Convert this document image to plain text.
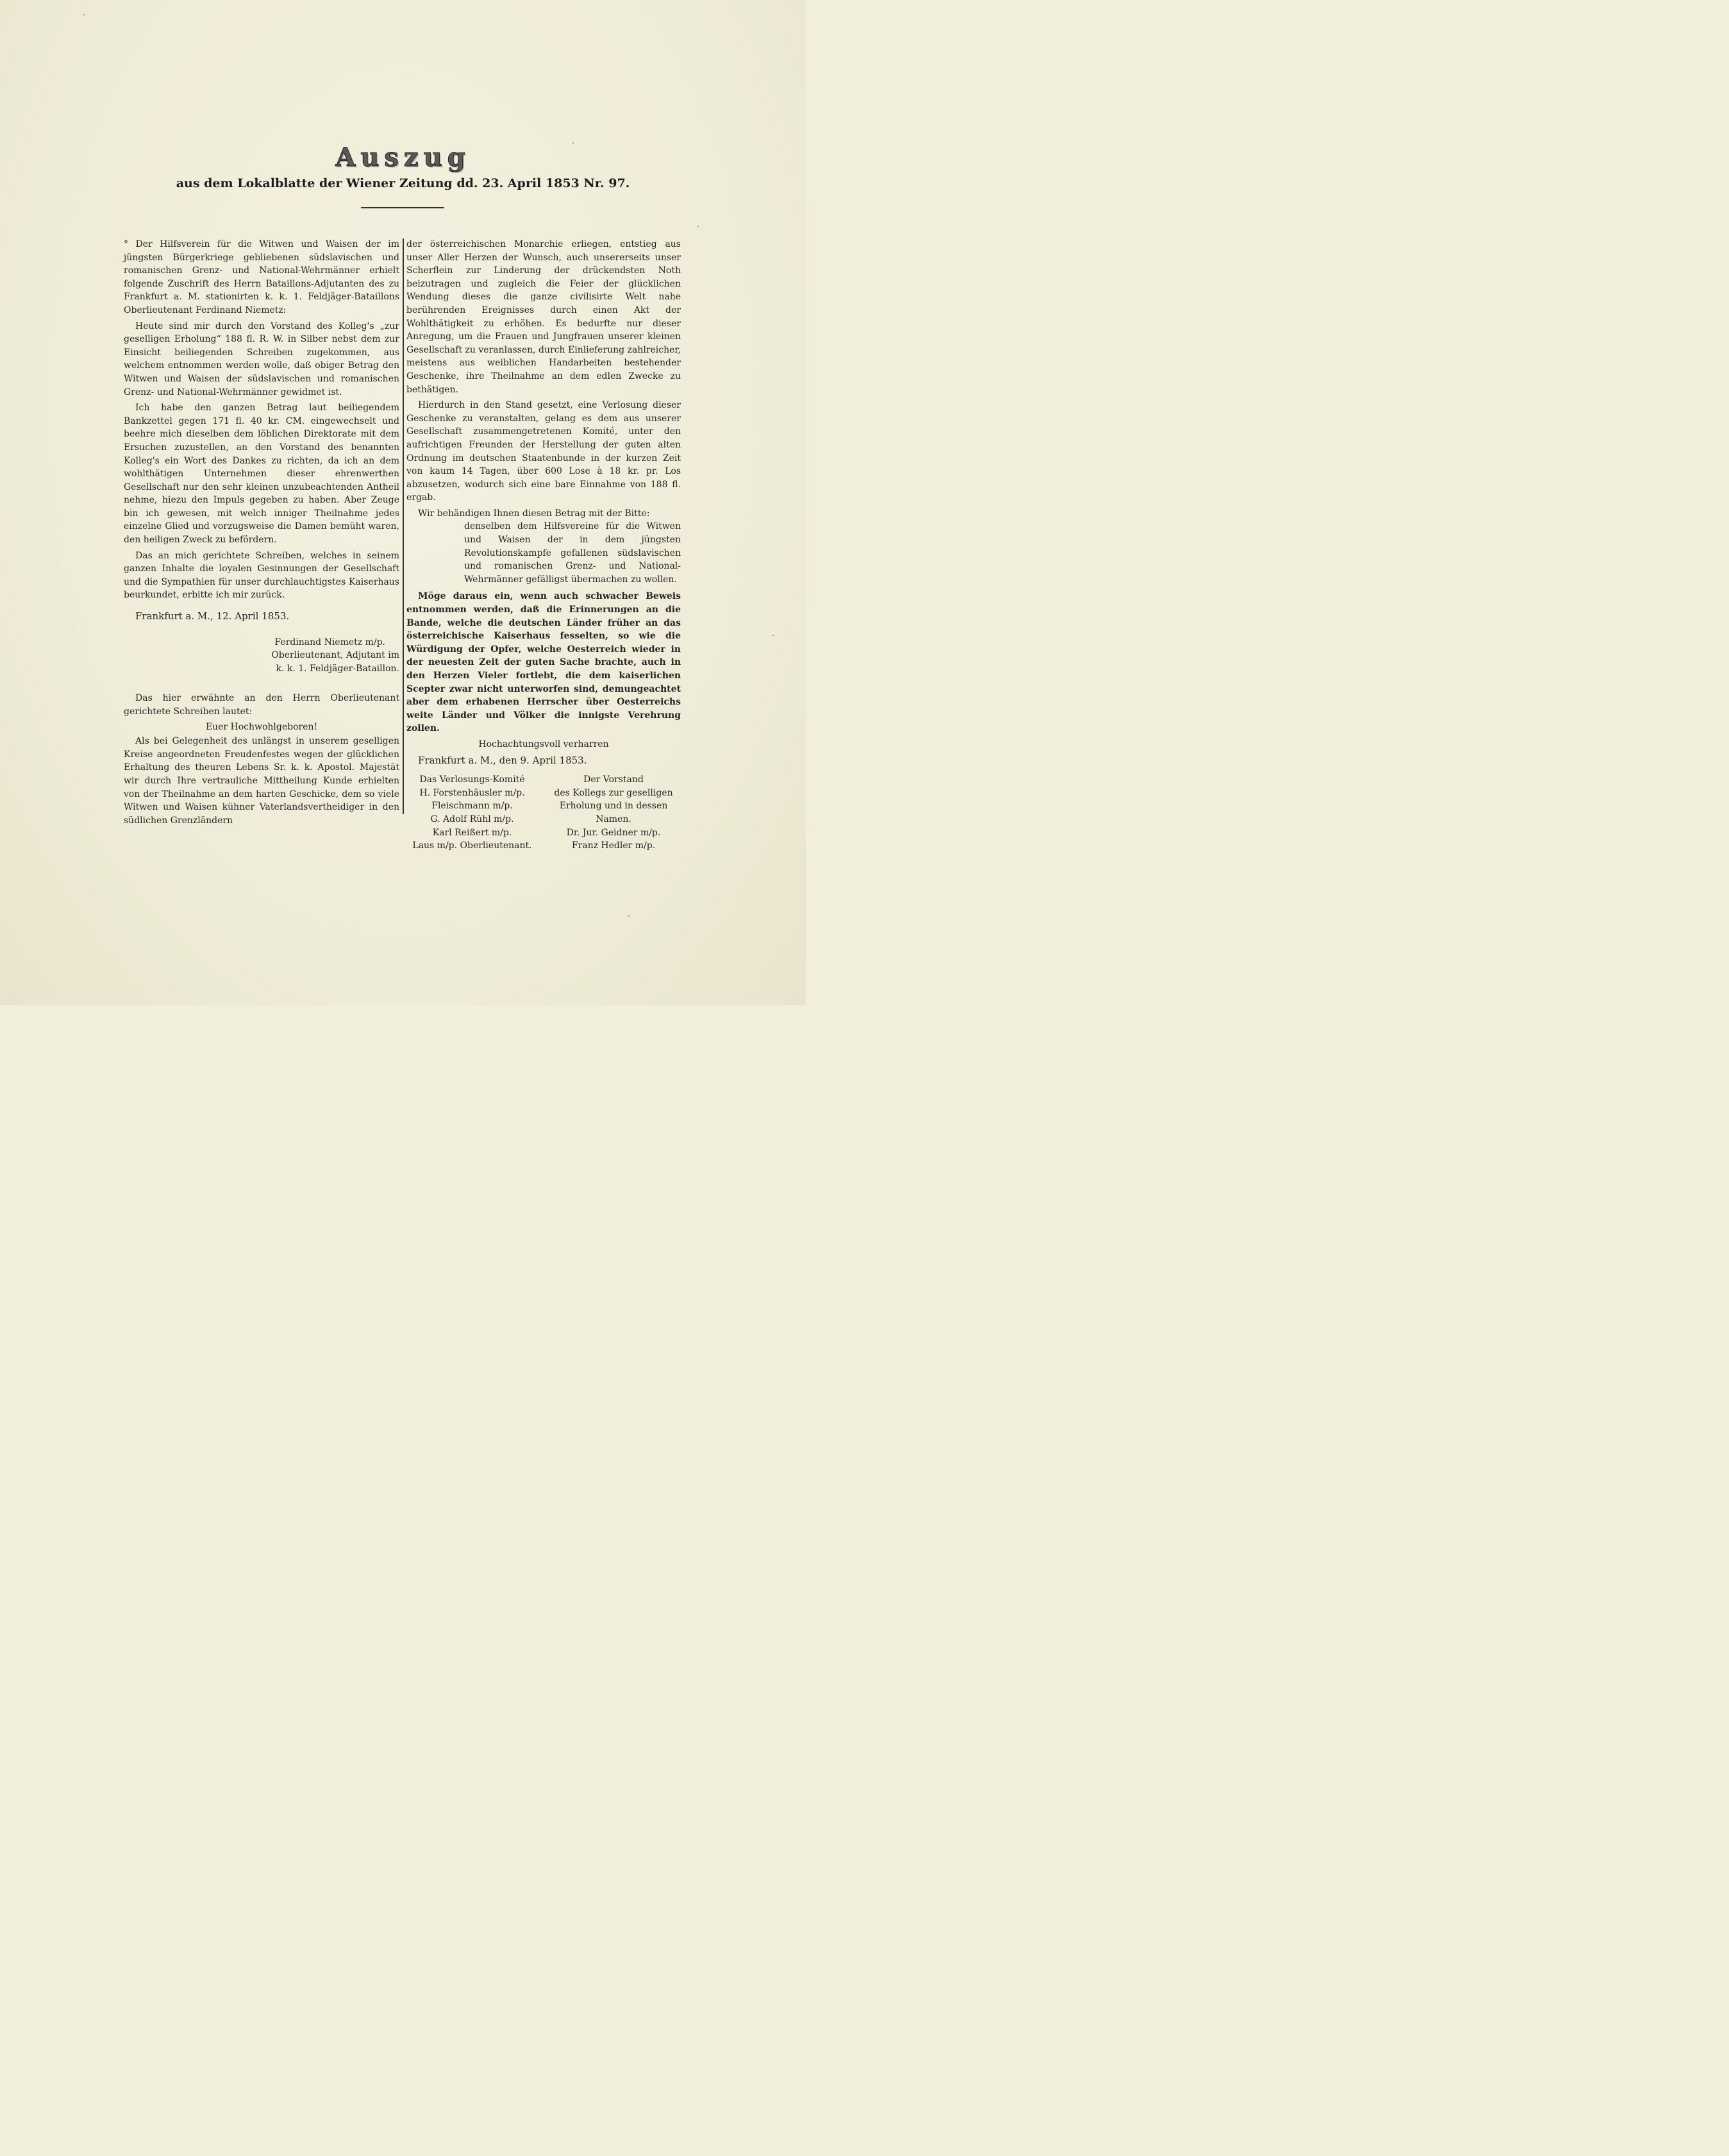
Auszug
aus dem Lokalblatte der Wiener Zeitung dd. 23. April 1853 Nr. 97.

° Der Hilfsverein für die Witwen und Waisen der im jüngsten Bürgerkriege gebliebenen südslavischen und romanischen Grenz- und National-Wehrmänner erhielt folgende Zuschrift des Herrn Bataillons-Adjutanten des zu Frankfurt a. M. stationirten k. k. 1. Feldjäger-Bataillons Oberlieutenant Ferdinand Niemetz:

Heute sind mir durch den Vorstand des Kolleg's „zur geselligen Erholung“ 188 fl. R. W. in Silber nebst dem zur Einsicht beiliegenden Schreiben zugekommen, aus welchem entnommen werden wolle, daß obiger Betrag den Witwen und Waisen der südslavischen und romanischen Grenz- und National-Wehrmänner gewidmet ist.

Ich habe den ganzen Betrag laut beiliegendem Bankzettel gegen 171 fl. 40 kr. CM. eingewechselt und beehre mich dieselben dem löblichen Direktorate mit dem Ersuchen zuzustellen, an den Vorstand des benannten Kolleg's ein Wort des Dankes zu richten, da ich an dem wohlthätigen Unternehmen dieser ehrenwerthen Gesellschaft nur den sehr kleinen unzubeachtenden Antheil nehme, hiezu den Impuls gegeben zu haben. Aber Zeuge bin ich gewesen, mit welch inniger Theilnahme jedes einzelne Glied und vorzugsweise die Damen bemüht waren, den heiligen Zweck zu befördern.

Das an mich gerichtete Schreiben, welches in seinem ganzen Inhalte die loyalen Gesinnungen der Gesellschaft und die Sympathien für unser durchlauchtigstes Kaiserhaus beurkundet, erbitte ich mir zurück.

Frankfurt a. M., 12. April 1853.

Ferdinand Niemetz m/p.
Oberlieutenant, Adjutant im
k. k. 1. Feldjäger-Bataillon.

Das hier erwähnte an den Herrn Oberlieutenant gerichtete Schreiben lautet:

Euer Hochwohlgeboren!

Als bei Gelegenheit des unlängst in unserem geselligen Kreise angeordneten Freudenfestes wegen der glücklichen Erhaltung des theuren Lebens Sr. k. k. Apostol. Majestät wir durch Ihre vertrauliche Mittheilung Kunde erhielten von der Theilnahme an dem harten Geschicke, dem so viele Witwen und Waisen kühner Vaterlandsvertheidiger in den südlichen Grenzländern

der österreichischen Monarchie erliegen, entstieg aus unser Aller Herzen der Wunsch, auch unsererseits unser Scherflein zur Linderung der drückendsten Noth beizutragen und zugleich die Feier der glücklichen Wendung dieses die ganze civilisirte Welt nahe berührenden Ereignisses durch einen Akt der Wohlthätigkeit zu erhöhen. Es bedurfte nur dieser Anregung, um die Frauen und Jungfrauen unserer kleinen Gesellschaft zu veranlassen, durch Einlieferung zahlreicher, meistens aus weiblichen Handarbeiten bestehender Geschenke, ihre Theilnahme an dem edlen Zwecke zu bethätigen.

Hierdurch in den Stand gesetzt, eine Verlosung dieser Geschenke zu veranstalten, gelang es dem aus unserer Gesellschaft zusammengetretenen Komité, unter den aufrichtigen Freunden der Herstellung der guten alten Ordnung im deutschen Staatenbunde in der kurzen Zeit von kaum 14 Tagen, über 600 Lose à 18 kr. pr. Los abzusetzen, wodurch sich eine bare Einnahme von 188 fl. ergab.

Wir behändigen Ihnen diesen Betrag mit der Bitte:

denselben dem Hilfsvereine für die Witwen und Waisen der in dem jüngsten Revolutionskampfe gefallenen südslavischen und romanischen Grenz- und National-Wehrmänner gefälligst übermachen zu wollen.

Möge daraus ein, wenn auch schwacher Beweis entnommen werden, daß die Erinnerungen an die Bande, welche die deutschen Länder früher an das österreichische Kaiserhaus fesselten, so wie die Würdigung der Opfer, welche Oesterreich wieder in der neuesten Zeit der guten Sache brachte, auch in den Herzen Vieler fortlebt, die dem kaiserlichen Scepter zwar nicht unterworfen sind, demungeachtet aber dem erhabenen Herrscher über Oesterreichs weite Länder und Völker die innigste Verehrung zollen.

Hochachtungsvoll verharren

Frankfurt a. M., den 9. April 1853.

Das Verlosungs-Komité
H. Forstenhäusler m/p.
Fleischmann m/p.
G. Adolf Rühl m/p.
Karl Reißert m/p.
Laus m/p. Oberlieutenant.
Der Vorstand
des Kollegs zur geselligen
Erholung und in dessen
Namen.
Dr. Jur. Geidner m/p.
Franz Hedler m/p.
